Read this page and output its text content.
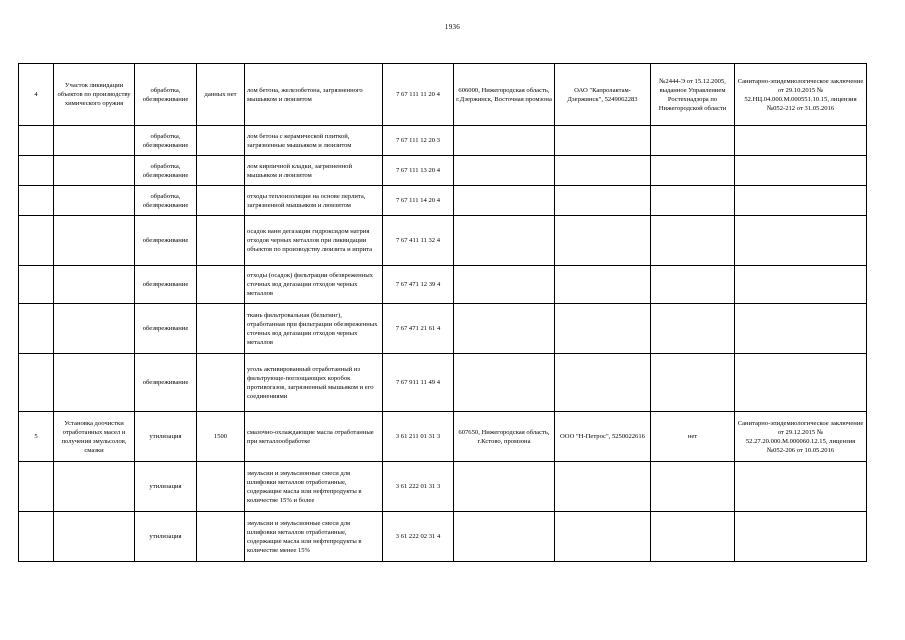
1936
4	Участок ликвидации объектов по производству химического оружия	обработка, обезвреживание	данных нет	лом бетона, железобетона, загрязненного мышьяком и люизитом	7 67 111 11 20 4	606000, Нижегородская область, г.Дзержинск, Восточная промзона	ОАО "Капролактам-Дзержинск", 5249062283	№2444-Э от 15.12.2005, выданное Управлением Ростехнадзора по Нижегородской области	Санитарно-эпидемиологическое заключение от 29.10.2015 № 52.НЦ.04.000.М.000551.10.15, лицензия №052-212 от 31.05.2016
		обработка, обезвреживание		лом бетона с керамической плиткой, загрязненные мышьяком и люизитом	7 67 111 12 20 3				
		обработка, обезвреживание		лом кирпичной кладки, загрязненной мышьяком и люизитом	7 67 111 13 20 4				
		обработка, обезвреживание		отходы теплоизоляции на основе перлита, загрязненной мышьяком и люизитом	7 67 111 14 20 4				
		обезвреживание		осадок ванн дегазации гидроксидом натрия отходов черных металлов при ликвидации объектов по производству люизита и иприта	7 67 411 11 32 4				
		обезвреживание		отходы (осадок) фильтрации обезвреженных сточных вод дегазации отходов черных металлов	7 67 471 12 39 4				
		обезвреживание		ткань фильтровальная (бельтинг), отработанная при фильтрации обезвреженных сточных вод дегазации отходов черных металлов	7 67 471 21 61 4				
		обезвреживание		уголь активированный отработанный из фильтрующе-поглощающих коробок противогазов, загрязненный мышьяком и его соединениями	7 67 911 11 49 4				
5	Установка доочистки отработанных масел и получения эмульсолов, смазки	утилизация	1500	смазочно-охлаждающие масла отработанные при металлообработке	3 61 211 01 31 3	607650, Нижегородская область, г.Кстово, промзона	ООО "Н-Петрос", 5250022616	нет	Санитарно-эпидемиологическое заключение от 29.12.2015 № 52.27.20.000.М.000060.12.15, лицензия №052-206 от 10.05.2016
		утилизация		эмульсии и эмульсионные смеси для шлифовки металлов отработанные, содержащие масла или нефтепродукты в количестве 15% и более	3 61 222 01 31 3				
		утилизация		эмульсии и эмульсионные смеси для шлифовки металлов отработанные, содержащие масла или нефтепродукты в количестве менее 15%	3 61 222 02 31 4				
